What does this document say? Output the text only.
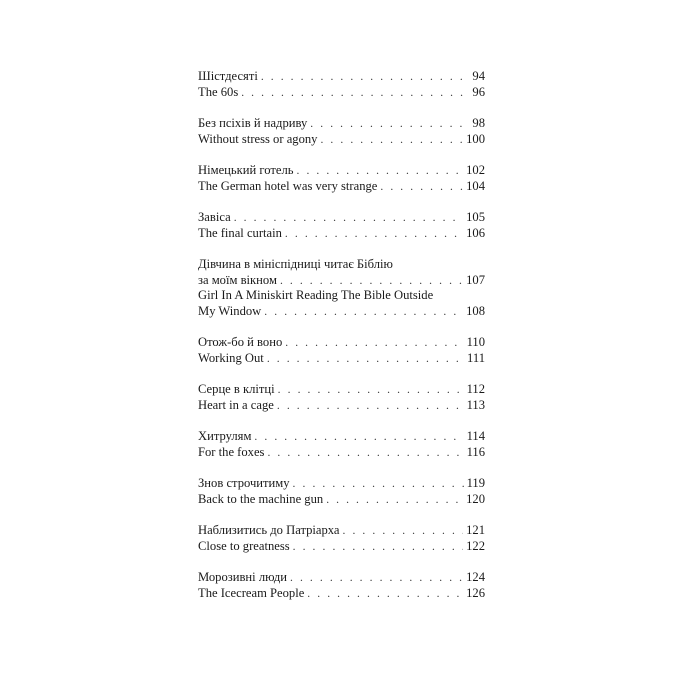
Шістдесяті . . .	94
The 60s . . .	96
Без псіхів й надриву . . .	98
Without stress or agony . . .	100
Німецький готель . . .	102
The German hotel was very strange . . .	104
Завіса . . .	105
The final curtain . . .	106
Дівчина в мініспідниці читає Біблію
за моїм вікном . . .	107
Girl In A Miniskirt Reading The Bible Outside
My Window . . .	108
Отож-бо й воно . . .	110
Working Out . . .	111
Серце в клітці . . .	112
Heart in a cage . . .	113
Хитрулям . . .	114
For the foxes . . .	116
Знов строчитиму . . .	119
Back to the machine gun . . .	120
Наблизитись до Патріарха . . .	121
Close to greatness . . .	122
Морозивні люди . . .	124
The Icecream People . . .	126
